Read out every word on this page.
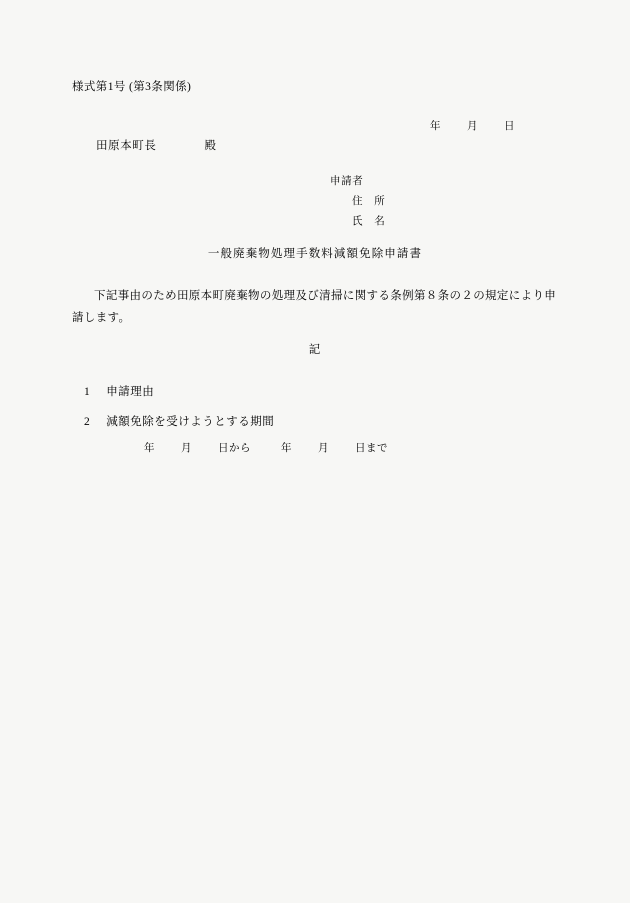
様式第1号 (第3条関係)
年 月 日
田原本町長	殿
申請者
住　所
氏　名
一般廃棄物処理手数料減額免除申請書
下記事由のため田原本町廃棄物の処理及び清掃に関する条例第８条の２の規定により申請します。
記
1 申請理由
2 減額免除を受けようとする期間
年 月 日から	年 月 日まで
